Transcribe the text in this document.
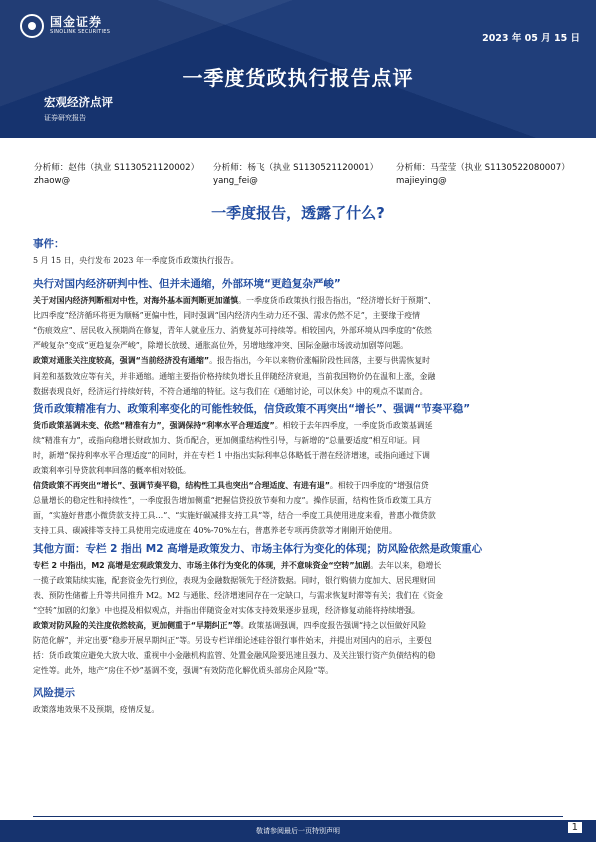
国金证券
SINOLINK SECURITIES
2023 年 05 月 15 日
一季度货政执行报告点评
宏观经济点评
证券研究报告
分析师：赵伟（执业 S1130521120002）
zhaow@
分析师：杨飞（执业 S1130521120001）
yang_fei@
分析师：马莹莹（执业 S1130522080007）
majieying@
一季度报告，透露了什么?
事件：
5 月 15 日，央行发布 2023 年一季度货币政策执行报告。
央行对国内经济研判中性、但并未通缩，外部环境“更趋复杂严峻”
关于对国内经济判断相对中性，对海外基本面判断更加谨慎。一季度货币政策执行报告指出，“经济增长好于预期”、
比四季度“经济循环将更为顺畅”更偏中性，同时强调“国内经济内生动力还不强、需求仍然不足”，主要缘于疫情
“伤痕效应”、居民收入预期尚在修复，青年人就业压力、消费复苏可持续等。相较国内，外部环境从四季度的“依然
严峻复杂”变成“更趋复杂严峻”，除增长放缓、通胀高位外，另增地缘冲突、国际金融市场波动加剧等问题。
政策对通胀关注度较高，强调“当前经济没有通缩”。报告指出，今年以来物价涨幅阶段性回落，主要与供需恢复时
间差和基数效应等有关，并非通缩。通缩主要指价格持续负增长且伴随经济衰退，当前我国物价仍在温和上涨，金融
数据表现良好，经济运行持续好转，不符合通缩的特征。这与我们在《通缩讨论，可以休矣》中的观点不谋而合。
货币政策精准有力、政策利率变化的可能性较低，信贷政策不再突出“增长”、强调“节奏平稳”
货币政策基调未变、依然“精准有力”，强调保持“利率水平合理适度”。相较于去年四季度，一季度货币政策基调延
续“精准有力”，或指向稳增长财政加力、货币配合，更加侧重结构性引导，与新增的“总量要适度”相互印证。同
时，新增“保持利率水平合理适度”的同时，并在专栏 1 中指出实际利率总体略低于潜在经济增速，或指向通过下调
政策利率引导贷款利率回落的概率相对较低。
信贷政策不再突出“增长”、强调节奏平稳，结构性工具也突出“合理适度、有进有退”。相较于四季度的“增强信贷
总量增长的稳定性和持续性”，一季度报告增加侧重“把握信贷投放节奏和力度”。操作层面，结构性货币政策工具方
面，“实施好普惠小微贷款支持工具…”、“实施好碳减排支持工具”等，结合一季度工具使用进度来看，普惠小微贷款
支持工具、碳减排等支持工具使用完成进度在 40%-70%左右，普惠养老专项再贷款等才刚刚开始使用。
其他方面：专栏 2 指出 M2 高增是政策发力、市场主体行为变化的体现；防风险依然是政策重心
专栏 2 中指出，M2 高增是宏观政策发力、市场主体行为变化的体现，并不意味资金“空转”加剧。去年以来，稳增长
一揽子政策陆续实施，配套资金先行到位，表现为金融数据领先于经济数据。同时，银行购债力度加大、居民理财回
表、预防性储蓄上升等共同推升 M2。M2 与通胀、经济增速同存在一定缺口，与需求恢复时滞等有关；我们在《资金
“空转”加剧的幻象》中也提及相似观点，并指出伴随资金对实体支持效果逐步显现，经济修复动能将持续增强。
政策对防风险的关注度依然较高，更加侧重于“早期纠正”等。政策基调强调，四季度报告强调“持之以恒做好风险
防范化解”，并定出要“稳步开展早期纠正”等。另设专栏详细论述硅谷银行事件始末，并提出对国内的启示，主要包
括：货币政策应避免大放大收、重视中小金融机构监管、处置金融风险要迅速且强力、及关注银行资产负债结构的稳
定性等。此外，地产“房住不炒”基调不变，强调“有效防范化解优质头部房企风险”等。
风险提示
政策落地效果不及预期，疫情反复。
敬请参阅最后一页特别声明	1
